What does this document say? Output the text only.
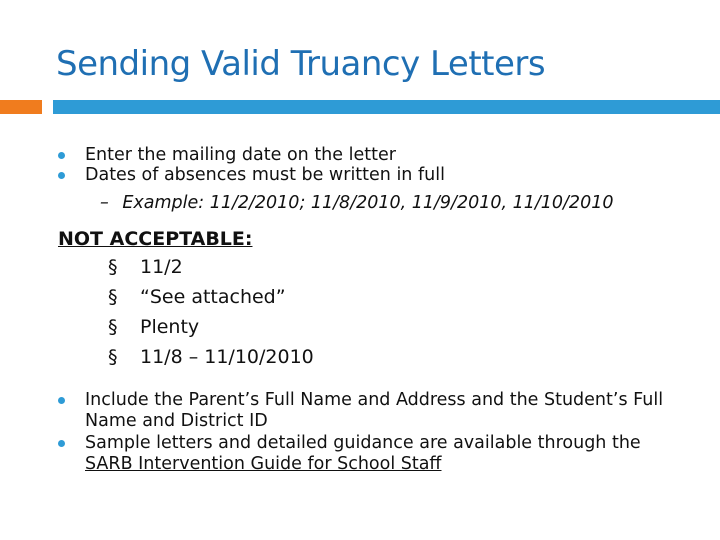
Sending Valid Truancy Letters
Enter the mailing date on the letter
Dates of absences must be written in full
– Example: 11/2/2010; 11/8/2010, 11/9/2010, 11/10/2010
NOT ACCEPTABLE:
§ 11/2
§ “See attached”
§ Plenty
§ 11/8 – 11/10/2010
Include the Parent’s Full Name and Address and the Student’s Full Name and District ID
Sample letters and detailed guidance are available through the
SARB Intervention Guide for School Staff
